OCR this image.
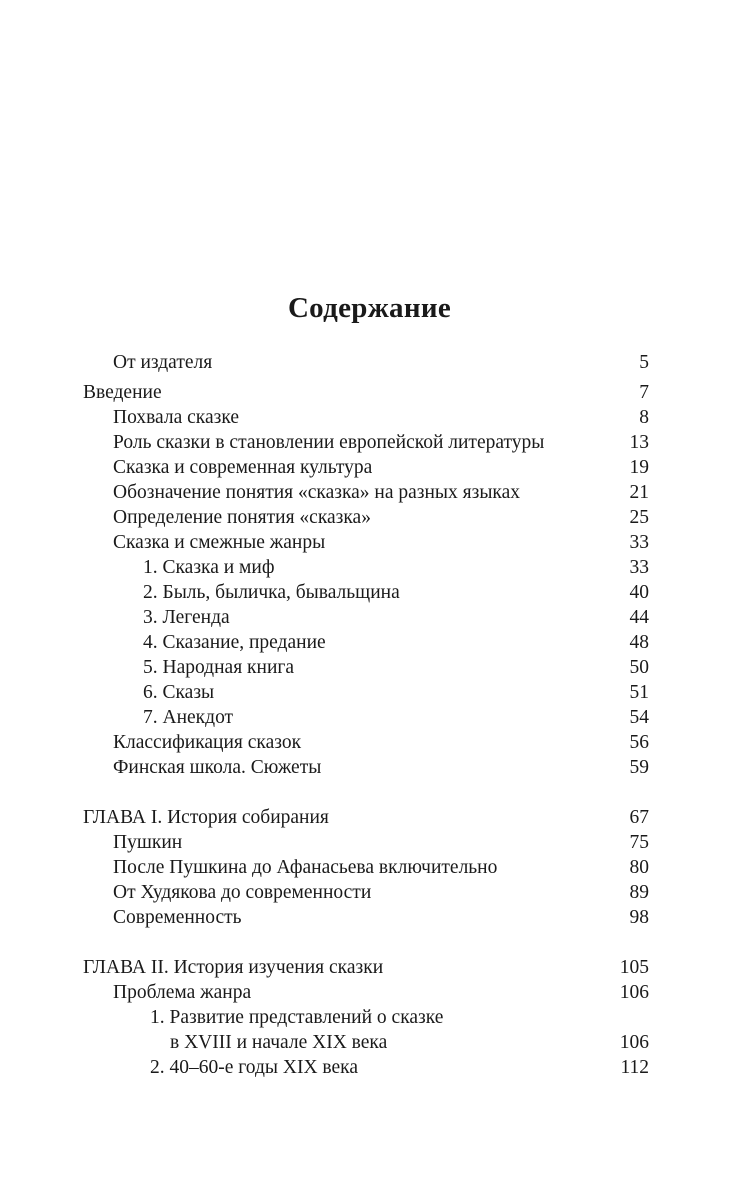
Содержание
От издателя	5
Введение	7
Похвала сказке	8
Роль сказки в становлении европейской литературы	13
Сказка и современная культура	19
Обозначение понятия «сказка» на разных языках	21
Определение понятия «сказка»	25
Сказка и смежные жанры	33
1. Сказка и миф	33
2. Быль, быличка, бывальщина	40
3. Легенда	44
4. Сказание, предание	48
5. Народная книга	50
6. Сказы	51
7. Анекдот	54
Классификация сказок	56
Финская школа. Сюжеты	59
ГЛАВА I. История собирания	67
Пушкин	75
После Пушкина до Афанасьева включительно	80
От Худякова до современности	89
Современность	98
ГЛАВА II. История изучения сказки	105
Проблема жанра	106
1. Развитие представлений о сказке
в XVIII и начале XIX века	106
2. 40–60-е годы XIX века	112
